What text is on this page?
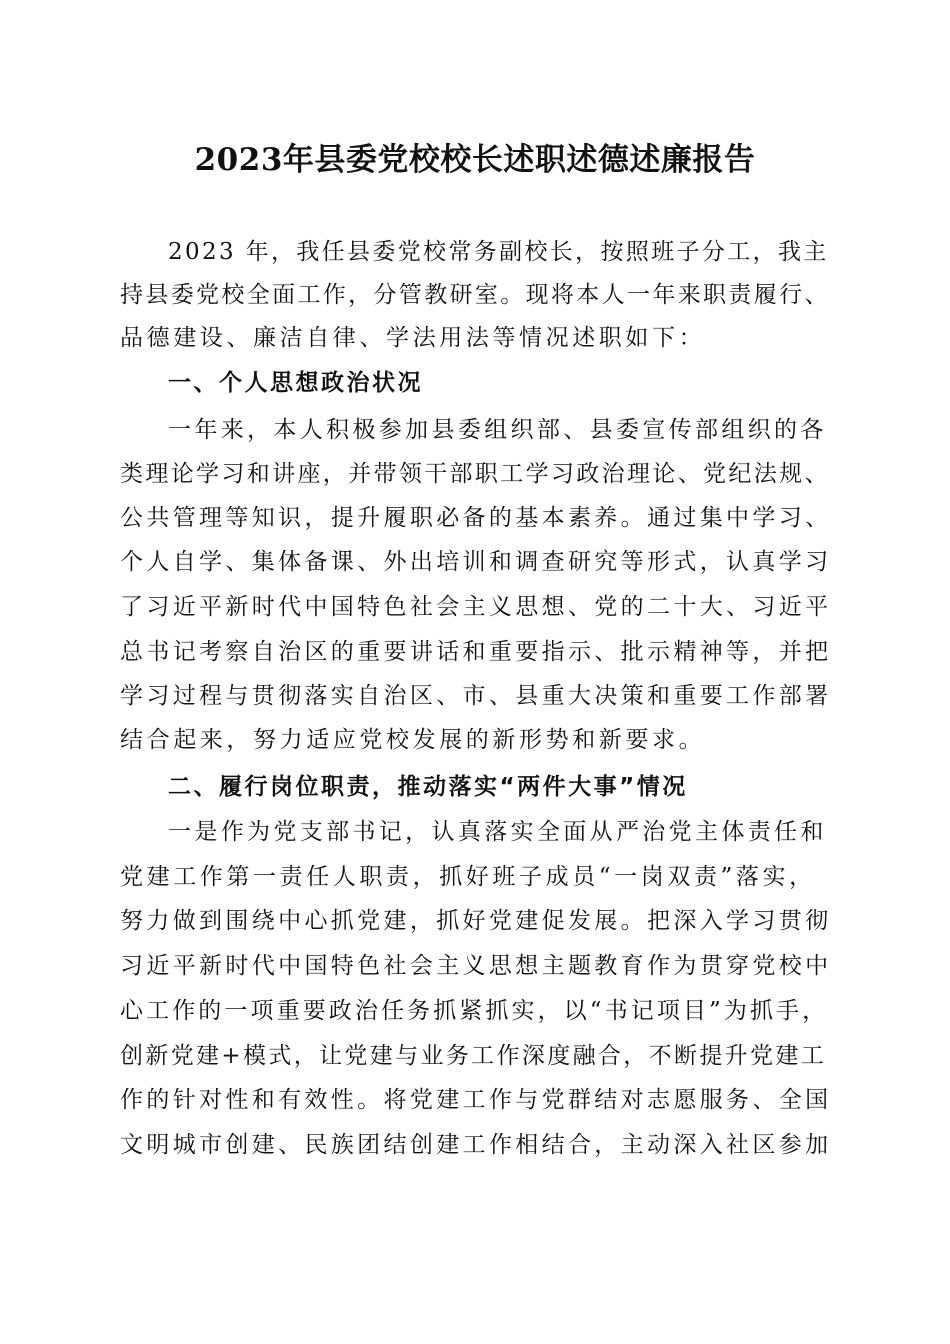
2023年县委党校校长述职述德述廉报告
2023 年，我任县委党校常务副校长，按照班子分工，我主
持县委党校全面工作，分管教研室。现将本人一年来职责履行、
品德建设、廉洁自律、学法用法等情况述职如下：
一、个人思想政治状况
一年来，本人积极参加县委组织部、县委宣传部组织的各
类理论学习和讲座，并带领干部职工学习政治理论、党纪法规、
公共管理等知识，提升履职必备的基本素养。通过集中学习、
个人自学、集体备课、外出培训和调查研究等形式，认真学习
了习近平新时代中国特色社会主义思想、党的二十大、习近平
总书记考察自治区的重要讲话和重要指示、批示精神等，并把
学习过程与贯彻落实自治区、市、县重大决策和重要工作部署
结合起来，努力适应党校发展的新形势和新要求。
二、履行岗位职责，推动落实“两件大事”情况
一是作为党支部书记，认真落实全面从严治党主体责任和
党建工作第一责任人职责，抓好班子成员“一岗双责”落实，
努力做到围绕中心抓党建，抓好党建促发展。把深入学习贯彻
习近平新时代中国特色社会主义思想主题教育作为贯穿党校中
心工作的一项重要政治任务抓紧抓实，以“书记项目”为抓手，
创新党建+模式，让党建与业务工作深度融合，不断提升党建工
作的针对性和有效性。将党建工作与党群结对志愿服务、全国
文明城市创建、民族团结创建工作相结合，主动深入社区参加
